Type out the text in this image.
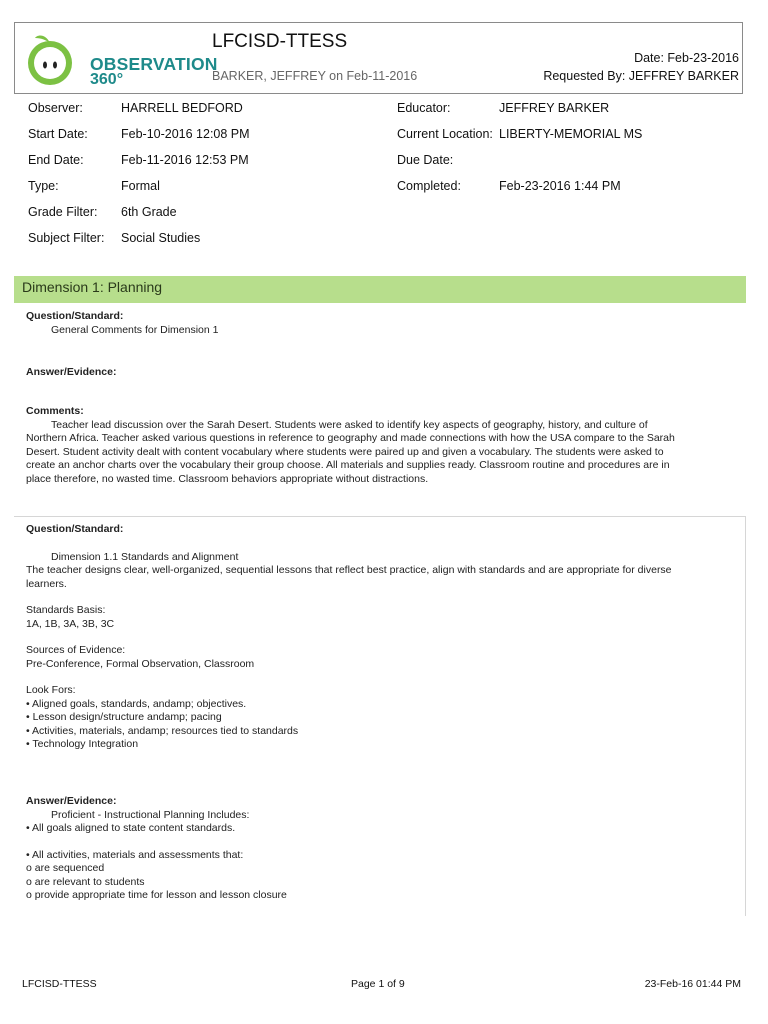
OBSERVATION
360°
LFCISD-TTESS
BARKER, JEFFREY on Feb-11-2016
Date: Feb-23-2016
Requested By: JEFFREY BARKER
Observer:	HARRELL BEDFORD
Start Date:	Feb-10-2016 12:08 PM
End Date:	Feb-11-2016 12:53 PM
Type:	Formal
Grade Filter: 6th Grade
Subject Filter: Social Studies
Educator:	JEFFREY BARKER
Current Location: LIBERTY-MEMORIAL MS
Due Date:
Completed:	Feb-23-2016 1:44 PM
Dimension 1: Planning
Question/Standard:
General Comments for Dimension 1
Answer/Evidence:
Comments:
Teacher lead discussion over the Sarah Desert. Students were asked to identify key aspects of geography, history, and culture of
Northern Africa. Teacher asked various questions in reference to geography and made connections with how the USA compare to the Sarah
Desert. Student activity dealt with content vocabulary where students were paired up and given a vocabulary. The students were asked to
create an anchor charts over the vocabulary their group choose. All materials and supplies ready. Classroom routine and procedures are in
place therefore, no wasted time. Classroom behaviors appropriate without distractions.
Question/Standard:
Dimension 1.1 Standards and Alignment
The teacher designs clear, well-organized, sequential lessons that reflect best practice, align with standards and are appropriate for diverse
learners.
Standards Basis:
1A, 1B, 3A, 3B, 3C
Sources of Evidence:
Pre-Conference, Formal Observation, Classroom
Look Fors:
• Aligned goals, standards, andamp; objectives.
• Lesson design/structure andamp; pacing
• Activities, materials, andamp; resources tied to standards
• Technology Integration
Answer/Evidence:
Proficient - Instructional Planning Includes:
• All goals aligned to state content standards.
• All activities, materials and assessments that:
o are sequenced
o are relevant to students
o provide appropriate time for lesson and lesson closure
LFCISD-TTESS	Page 1 of 9	23-Feb-16 01:44 PM
